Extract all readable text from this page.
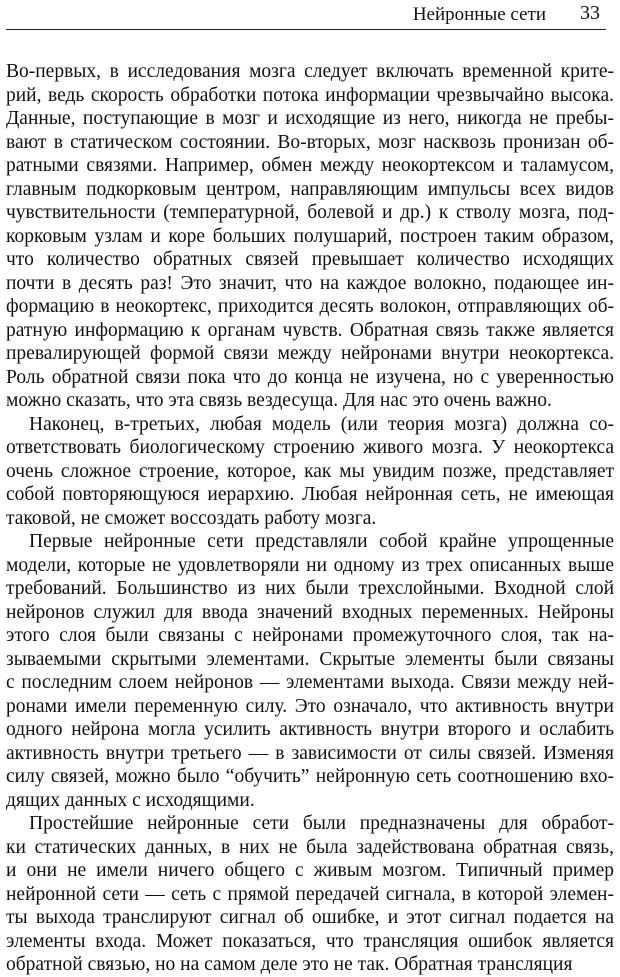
Нейронные сети 33
Во-первых, в исследования мозга следует включать временной крите-
рий, ведь скорость обработки потока информации чрезвычайно высока.
Данные, поступающие в мозг и исходящие из него, никогда не пребы-
вают в статическом состоянии. Во-вторых, мозг насквозь пронизан об-
ратными связями. Например, обмен между неокортексом и таламусом,
главным подкорковым центром, направляющим импульсы всех видов
чувствительности (температурной, болевой и др.) к стволу мозга, под-
корковым узлам и коре больших полушарий, построен таким образом,
что количество обратных связей превышает количество исходящих
почти в десять раз! Это значит, что на каждое волокно, подающее ин-
формацию в неокортекс, приходится десять волокон, отправляющих об-
ратную информацию к органам чувств. Обратная связь также является
превалирующей формой связи между нейронами внутри неокортекса.
Роль обратной связи пока что до конца не изучена, но с уверенностью
можно сказать, что эта связь вездесуща. Для нас это очень важно.
Наконец, в-третьих, любая модель (или теория мозга) должна со-
ответствовать биологическому строению живого мозга. У неокортекса
очень сложное строение, которое, как мы увидим позже, представляет
собой повторяющуюся иерархию. Любая нейронная сеть, не имеющая
таковой, не сможет воссоздать работу мозга.
Первые нейронные сети представляли собой крайне упрощенные
модели, которые не удовлетворяли ни одному из трех описанных выше
требований. Большинство из них были трехслойными. Входной слой
нейронов служил для ввода значений входных переменных. Нейроны
этого слоя были связаны с нейронами промежуточного слоя, так на-
зываемыми скрытыми элементами. Скрытые элементы были связаны
с последним слоем нейронов — элементами выхода. Связи между ней-
ронами имели переменную силу. Это означало, что активность внутри
одного нейрона могла усилить активность внутри второго и ослабить
активность внутри третьего — в зависимости от силы связей. Изменяя
силу связей, можно было “обучить” нейронную сеть соотношению вхо-
дящих данных с исходящими.
Простейшие нейронные сети были предназначены для обработ-
ки статических данных, в них не была задействована обратная связь,
и они не имели ничего общего с живым мозгом. Типичный пример
нейронной сети — сеть с прямой передачей сигнала, в которой элемен-
ты выхода транслируют сигнал об ошибке, и этот сигнал подается на
элементы входа. Может показаться, что трансляция ошибок является
обратной связью, но на самом деле это не так. Обратная трансляция
